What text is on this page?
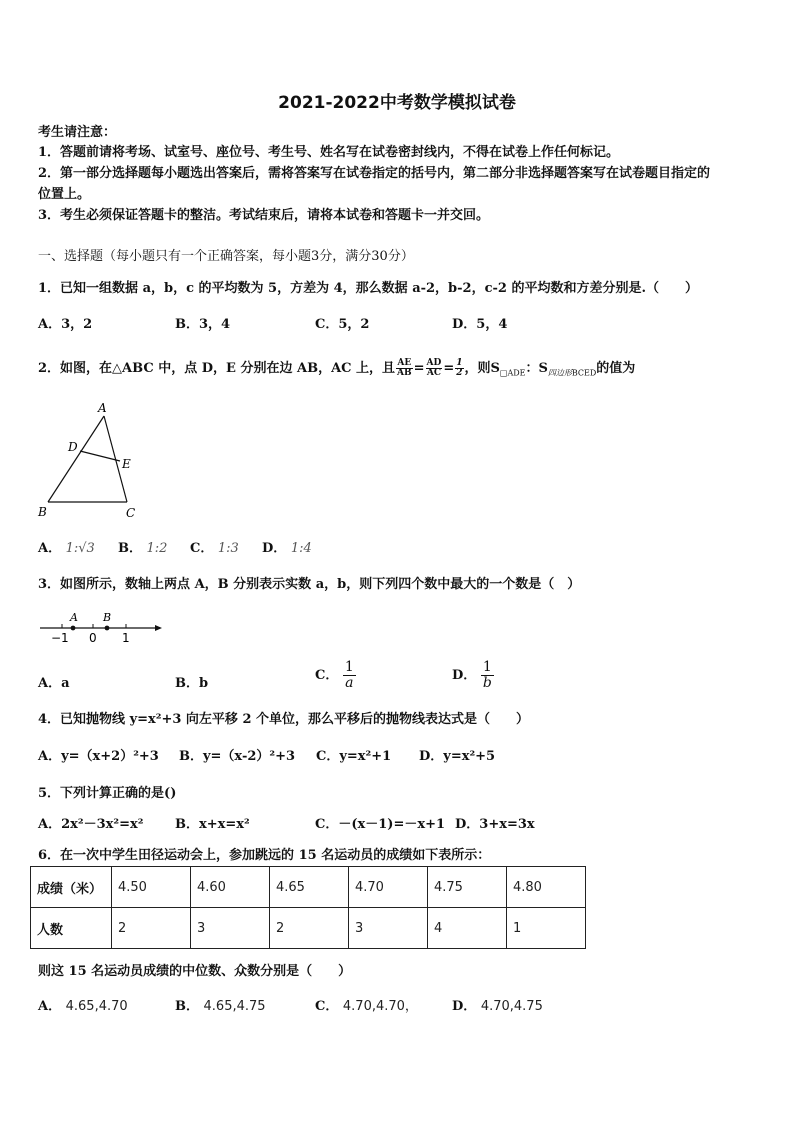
2021-2022中考数学模拟试卷
考生请注意：
1．答题前请将考场、试室号、座位号、考生号、姓名写在试卷密封线内，不得在试卷上作任何标记。
2．第一部分选择题每小题选出答案后，需将答案写在试卷指定的括号内，第二部分非选择题答案写在试卷题目指定的
位置上。
3．考生必须保证答题卡的整洁。考试结束后，请将本试卷和答题卡一并交回。
一、选择题（每小题只有一个正确答案，每小题3分，满分30分）
1．已知一组数据 a，b，c 的平均数为 5，方差为 4，那么数据 a-2，b-2，c-2 的平均数和方差分别是.（　　）
A．3，2	B．3，4	C．5，2	D．5，4
2．如图，在△ABC 中，点 D，E 分别在边 AB，AC 上，且 $\frac{AE}{AB} = \frac{AD}{AC} = \frac{1}{2}$ ，则$S_{□ADE}$：$S_{四边形BCED}$的值为
A
D
E
B	C
A． 1:√3 B． 1:2 C． 1:3 D． 1:4
3．如图所示，数轴上两点 A，B 分别表示实数 a，b，则下列四个数中最大的一个数是（　）
A B
−1 0 1
A．a	B．b
C． $\frac{1}{a}$	D． $\frac{1}{b}$
4．已知抛物线 y=x²+3 向左平移 2 个单位，那么平移后的抛物线表达式是（　　）
A．y=（x+2）²+3 B．y=（x-2）²+3 C．y=x²+1 D．y=x²+5
5．下列计算正确的是()
A．2x²－3x²=x² B．x+x=x²	C．－(x－1)=－x+1 D．3+x=3x
6．在一次中学生田径运动会上，参加跳远的 15 名运动员的成绩如下表所示：
成绩（米）	4.50	4.60	4.65	4.70	4.75	4.80
人数	2	3	2	3	4	1
则这 15 名运动员成绩的中位数、众数分别是（　　）
A． 4.65,4.70	B． 4.65,4.75	C． 4.70,4.70，	D． 4.70,4.75
